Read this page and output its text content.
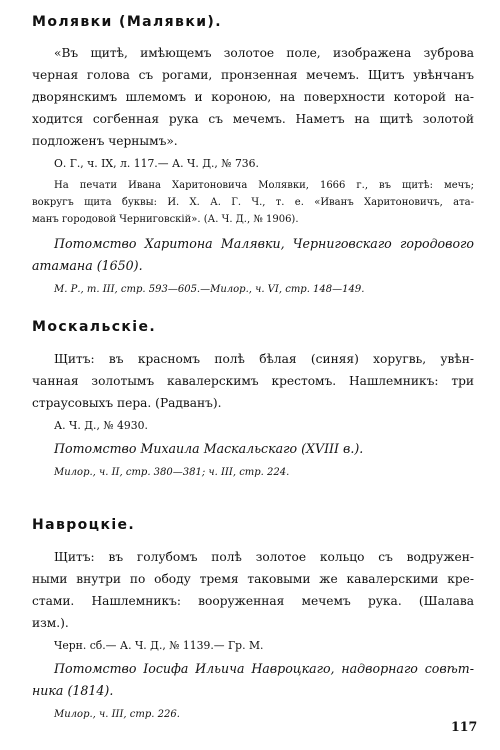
Молявки (Малявки).
«Въ щитѣ, имѣющемъ золотое поле, изображена зуброва
черная голова съ рогами, пронзенная мечемъ. Щитъ увѣнчанъ
дворянскимъ шлемомъ и короною, на поверхности которой на-
ходится согбенная рука съ мечемъ. Наметъ на щитѣ золотой
подложенъ чернымъ».
О. Г., ч. IX, л. 117.— А. Ч. Д., № 736.
На печати Ивана Харитоновича Молявки, 1666 г., въ щитѣ: мечъ;
вокругъ щита буквы: И. Х. А. Г. Ч., т. е. «Иванъ Харитоновичъ, ата-
манъ городовой Черниговскій». (А. Ч. Д., № 1906).
Потомство Харитона Малявки, Черниговскаго городового
атамана (1650).
М. Р., т. III, стр. 593—605.—Милор., ч. VI, стр. 148—149.
Москальскіе.
Щитъ: въ красномъ полѣ бѣлая (синяя) хоругвь, увѣн-
чанная золотымъ кавалерскимъ крестомъ. Нашлемникъ: три
страусовыхъ пера. (Радванъ).
А. Ч. Д., № 4930.
Потомство Михаила Маскальскаго (XVIII в.).
Милор., ч. II, стр. 380—381; ч. III, стр. 224.
Навроцкіе.
Щитъ: въ голубомъ полѣ золотое кольцо съ водружен-
ными внутри по ободу тремя таковыми же кавалерскими кре-
стами. Нашлемникъ: вооруженная мечемъ рука. (Шалава
изм.).
Черн. сб.— А. Ч. Д., № 1139.— Гр. М.
Потомство Іосифа Ильича Навроцкаго, надворнаго совѣт-
ника (1814).
Милор., ч. III, стр. 226.
117
